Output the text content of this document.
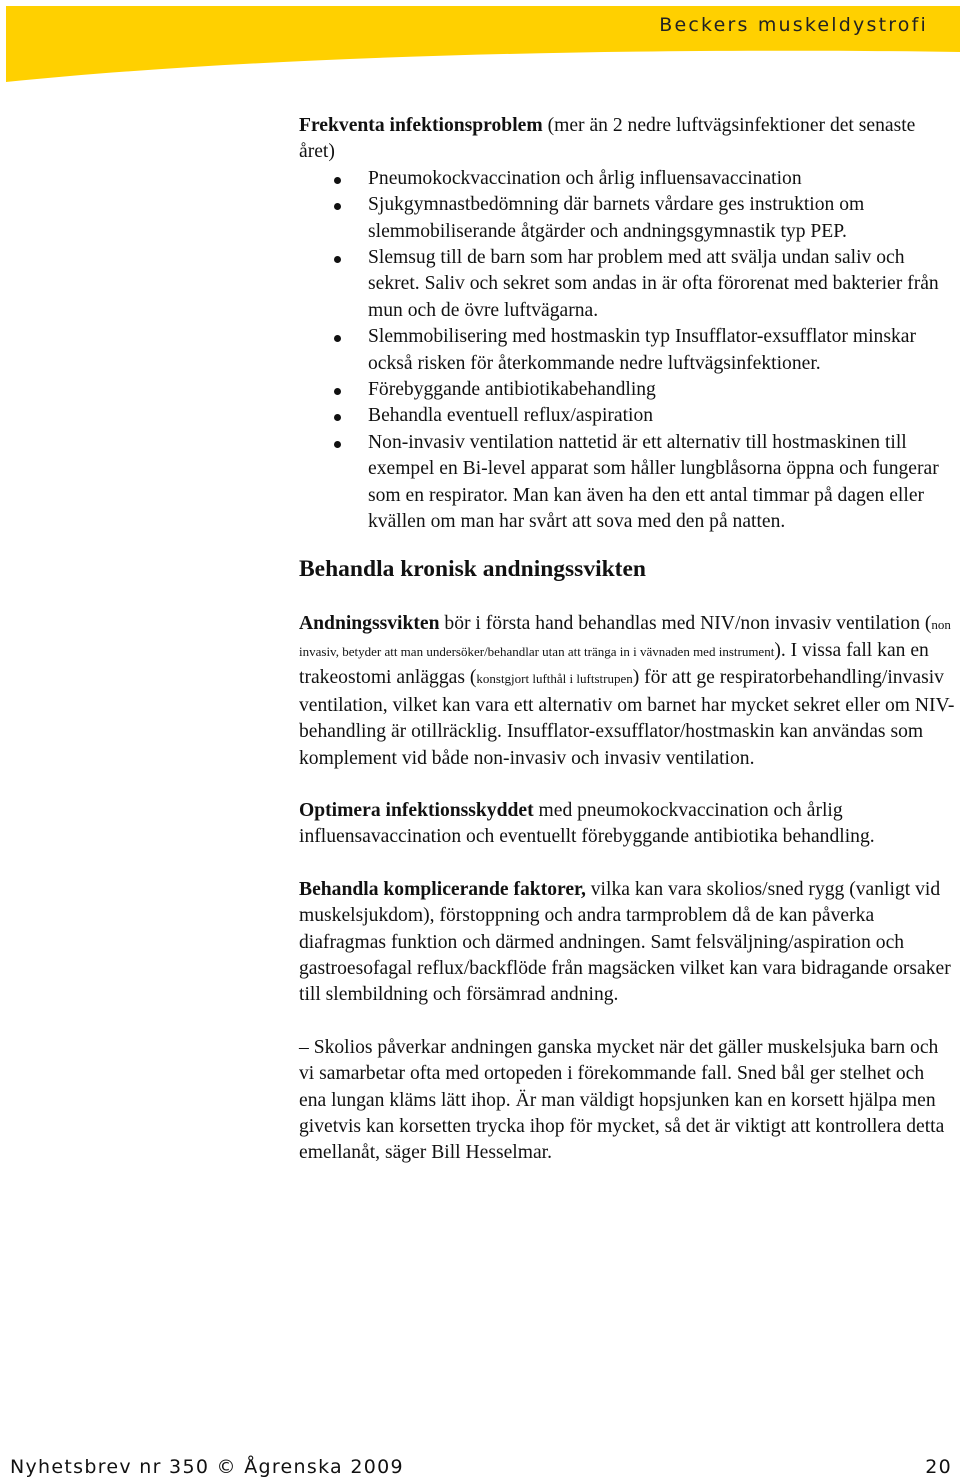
Beckers muskeldystrofi

Frekventa infektionsproblem (mer än 2 nedre luftvägsinfektioner det senaste året)

Pneumokockvaccination och årlig influensavaccination
Sjukgymnastbedömning där barnets vårdare ges instruktion om slemmobiliserande åtgärder och andningsgymnastik typ PEP.
Slemsug till de barn som har problem med att svälja undan saliv och sekret. Saliv och sekret som andas in är ofta förorenat med bakterier från mun och de övre luftvägarna.
Slemmobilisering med hostmaskin typ Insufflator-exsufflator minskar också risken för återkommande nedre luftvägsinfektioner.
Förebyggande antibiotikabehandling
Behandla eventuell reflux/aspiration
Non-invasiv ventilation nattetid är ett alternativ till hostmaskinen till exempel en Bi-level apparat som håller lungblåsorna öppna och fungerar som en respirator. Man kan även ha den ett antal timmar på dagen eller kvällen om man har svårt att sova med den på natten.
Behandla kronisk andningssvikten

Andningssvikten bör i första hand behandlas med NIV/non invasiv ventilation (non invasiv, betyder att man undersöker/behandlar utan att tränga in i vävnaden med instrument). I vissa fall kan en trakeostomi anläggas (konstgjort lufthål i luftstrupen) för att ge respiratorbehandling/invasiv ventilation, vilket kan vara ett alternativ om barnet har mycket sekret eller om NIV-behandling är otillräcklig. Insufflator-exsufflator/hostmaskin kan användas som komplement vid både non-invasiv och invasiv ventilation.

Optimera infektionsskyddet med pneumokockvaccination och årlig influensavaccination och eventuellt förebyggande antibiotika behandling.

Behandla komplicerande faktorer, vilka kan vara skolios/sned rygg (vanligt vid muskelsjukdom), förstoppning och andra tarmproblem då de kan påverka diafragmas funktion och därmed andningen. Samt felsväljning/aspiration och gastroesofagal reflux/backflöde från magsäcken vilket kan vara bidragande orsaker till slembildning och försämrad andning.

– Skolios påverkar andningen ganska mycket när det gäller muskelsjuka barn och vi samarbetar ofta med ortopeden i förekommande fall. Sned bål ger stelhet och ena lungan kläms lätt ihop. Är man väldigt hopsjunken kan en korsett hjälpa men givetvis kan korsetten trycka ihop för mycket, så det är viktigt att kontrollera detta emellanåt, säger Bill Hesselmar.

Nyhetsbrev nr 350 © Ågrenska 2009	20
